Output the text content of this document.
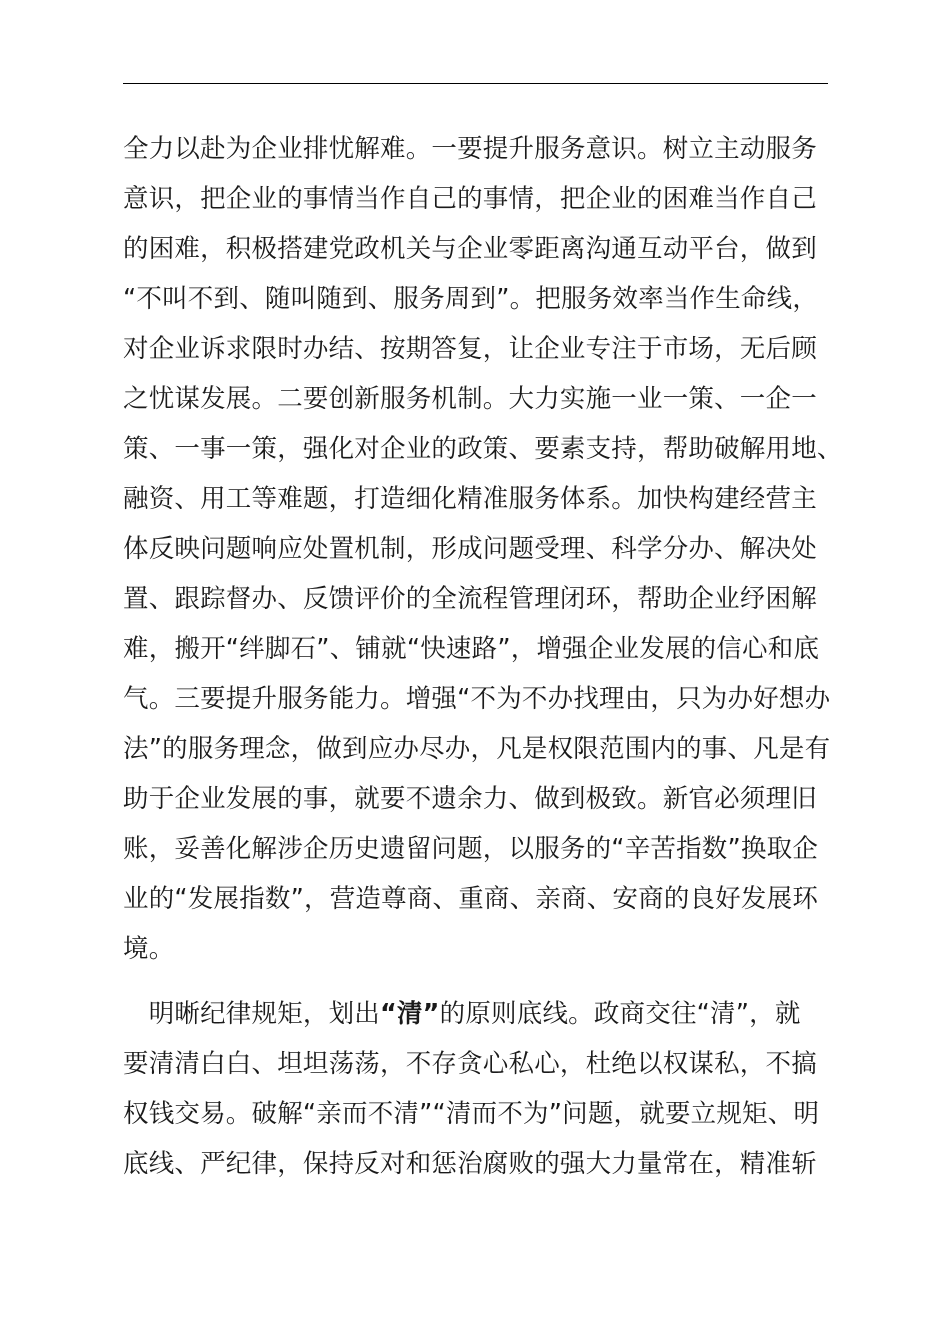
全力以赴为企业排忧解难。一要提升服务意识。树立主动服务
意识，把企业的事情当作自己的事情，把企业的困难当作自己
的困难，积极搭建党政机关与企业零距离沟通互动平台，做到
“不叫不到、随叫随到、服务周到”。把服务效率当作生命线，
对企业诉求限时办结、按期答复，让企业专注于市场，无后顾
之忧谋发展。二要创新服务机制。大力实施一业一策、一企一
策、一事一策，强化对企业的政策、要素支持，帮助破解用地、
融资、用工等难题，打造细化精准服务体系。加快构建经营主
体反映问题响应处置机制，形成问题受理、科学分办、解决处
置、跟踪督办、反馈评价的全流程管理闭环，帮助企业纾困解
难，搬开“绊脚石”、铺就“快速路”，增强企业发展的信心和底
气。三要提升服务能力。增强“不为不办找理由，只为办好想办
法”的服务理念，做到应办尽办，凡是权限范围内的事、凡是有
助于企业发展的事，就要不遗余力、做到极致。新官必须理旧
账，妥善化解涉企历史遗留问题，以服务的“辛苦指数”换取企
业的“发展指数”，营造尊商、重商、亲商、安商的良好发展环
境。
　明晰纪律规矩，划出“清”的原则底线。政商交往“清”，就
要清清白白、坦坦荡荡，不存贪心私心，杜绝以权谋私，不搞
权钱交易。破解“亲而不清”“清而不为”问题，就要立规矩、明
底线、严纪律，保持反对和惩治腐败的强大力量常在，精准斩
